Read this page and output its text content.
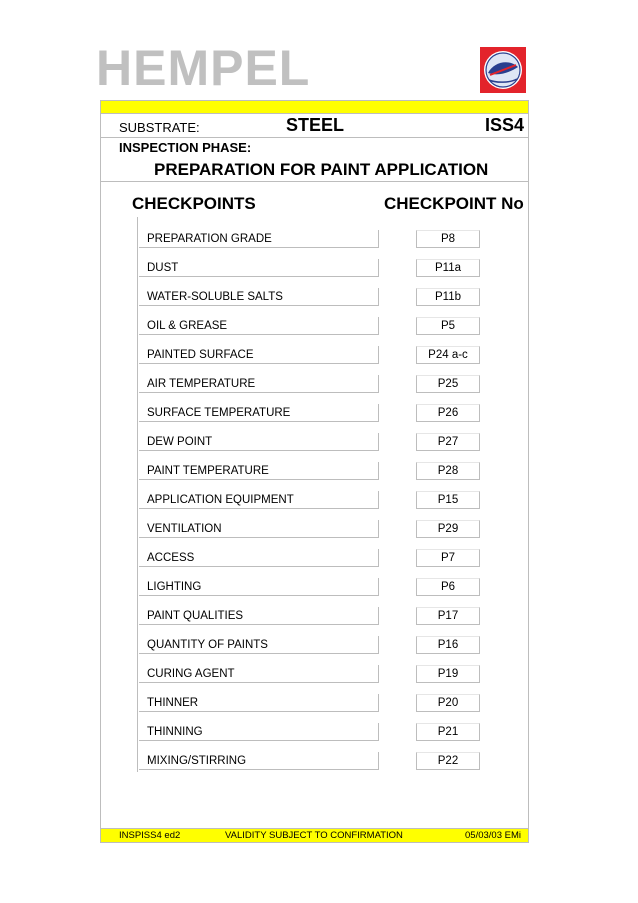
HEMPEL
SUBSTRATE:	STEEL	ISS4
INSPECTION PHASE:
PREPARATION FOR PAINT APPLICATION
CHECKPOINTS	CHECKPOINT No
PREPARATION GRADE	P8
DUST	P11a
WATER-SOLUBLE SALTS	P11b
OIL & GREASE	P5
PAINTED SURFACE	P24 a-c
AIR TEMPERATURE	P25
SURFACE TEMPERATURE	P26
DEW POINT	P27
PAINT TEMPERATURE	P28
APPLICATION EQUIPMENT	P15
VENTILATION	P29
ACCESS	P7
LIGHTING	P6
PAINT QUALITIES	P17
QUANTITY OF PAINTS	P16
CURING AGENT	P19
THINNER	P20
THINNING	P21
MIXING/STIRRING	P22
INSPISS4 ed2	VALIDITY SUBJECT TO CONFIRMATION	05/03/03 EMi
